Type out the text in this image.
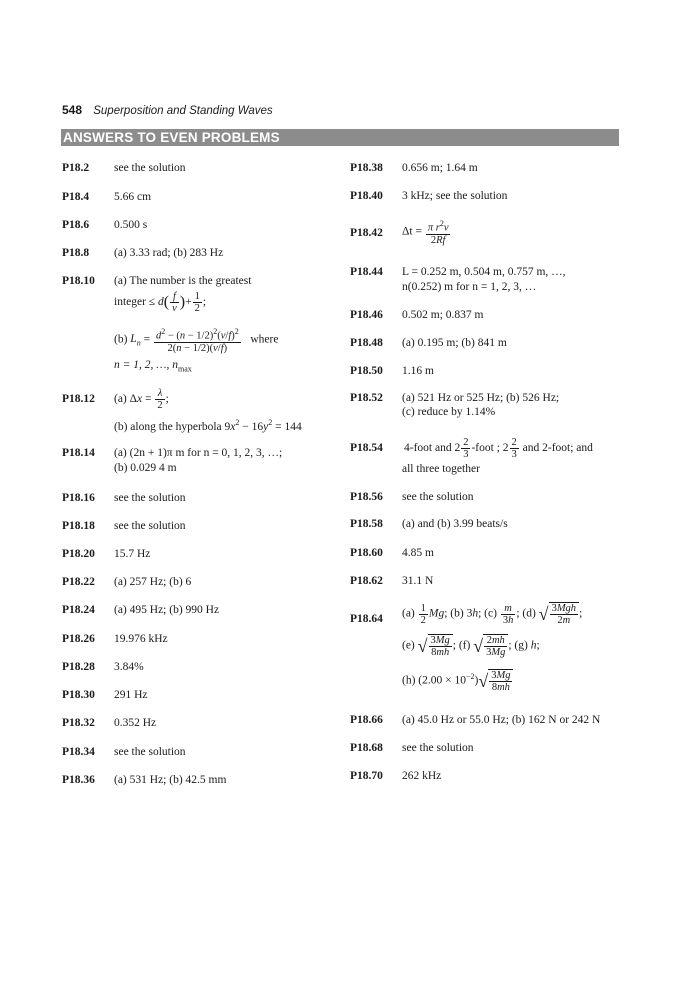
548 Superposition and Standing Waves
ANSWERS TO EVEN PROBLEMS
P18.2 see the solution
P18.4 5.66 cm
P18.6 0.500 s
P18.8 (a) 3.33 rad; (b) 283 Hz
P18.10 (a) The number is the greatest
integer ≤ $d( \frac{f}{v}$ )+ $\frac{1}{2}$ ;
(b) $L_n = \frac{d^2 - (n - 1/2)^2(v/f)^2}{2(n - 1/2)(v/f)}$ where
n = 1, 2, …, $n_{max}$
P18.12 (a) $\Delta x = \frac{\lambda}{2}$ ;
(b) along the hyperbola $9x^2 - 16y^2 = 144$
P18.14 (a) (2n + 1)π m for n = 0, 1, 2, 3, …;
(b) 0.029 4 m
P18.16 see the solution
P18.18 see the solution
P18.20 15.7 Hz
P18.22 (a) 257 Hz; (b) 6
P18.24 (a) 495 Hz; (b) 990 Hz
P18.26 19.976 kHz
P18.28 3.84%
P18.30 291 Hz
P18.32 0.352 Hz
P18.34 see the solution
P18.36 (a) 531 Hz; (b) 42.5 mm
P18.38 0.656 m; 1.64 m
P18.40 3 kHz; see the solution
P18.42 $\Delta t = \frac{\pi r^2v}{2Rf}$
P18.44 L = 0.252 m, 0.504 m, 0.757 m, …,
n(0.252) m for n = 1, 2, 3, …
P18.46 0.502 m; 0.837 m
P18.48 (a) 0.195 m; (b) 841 m
P18.50 1.16 m
P18.52 (a) 521 Hz or 525 Hz; (b) 526 Hz;
(c) reduce by 1.14%
P18.54 4-foot and $2 \frac{2}{3}$ -foot ; $2 \frac{2}{3}$ and 2-foot; and
all three together
P18.56 see the solution
P18.58 (a) and (b) 3.99 beats/s
P18.60 4.85 m
P18.62 31.1 N
P18.64 $(a) \frac{1}{2} Mg$; (b) 3h; $(c) \frac{m}{3h}$ ; (d) √ $\frac{\text{3Mgh}}{2m}$ ;
(e) √ $\frac{3Mg}{8mh}$ ; (f) √ $\frac{2mh}{3Mg}$ ; (g) h;
(h) $(2.00 \times 10^{-2})√ \frac{3Mg}{8mh}$
P18.66 (a) 45.0 Hz or 55.0 Hz; (b) 162 N or 242 N
P18.68 see the solution
P18.70 262 kHz
